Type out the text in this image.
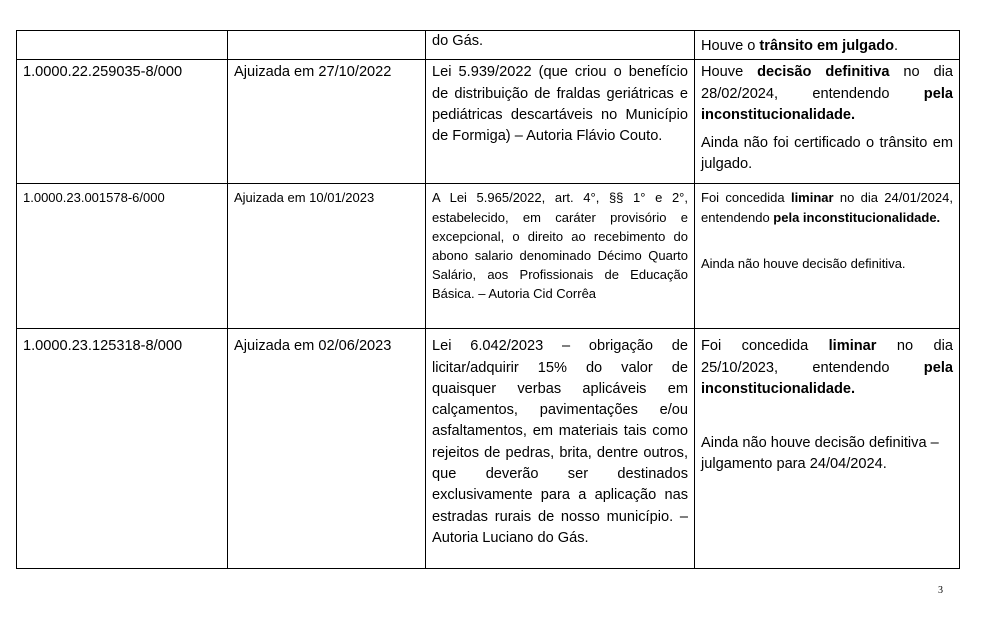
		do Gás.	Houve o trânsito em julgado.

1.0000.22.259035-8/000	Ajuizada em 27/10/2022	Lei 5.939/2022 (que criou o benefício de distribuição de fraldas geriátricas e pediátricas descartáveis no Município de Formiga) – Autoria Flávio Couto.	Houve decisão definitiva no dia 28/02/2024, entendendo pela inconstitucionalidade.

Ainda não foi certificado o trânsito em julgado.

1.0000.23.001578-6/000	Ajuizada em 10/01/2023	A Lei 5.965/2022, art. 4°, §§ 1° e 2°, estabelecido, em caráter provisório e excepcional, o direito ao recebimento do abono salario denominado Décimo Quarto Salário, aos Profissionais de Educação Básica. – Autoria Cid Corrêa	Foi concedida liminar no dia 24/01/2024, entendendo pela inconstitucionalidade.

Ainda não houve decisão definitiva.

1.0000.23.125318-8/000	Ajuizada em 02/06/2023	Lei 6.042/2023 – obrigação de licitar/adquirir 15% do valor de quaisquer verbas aplicáveis em calçamentos, pavimentações e/ou asfaltamentos, em materiais tais como rejeitos de pedras, brita, dentre outros, que deverão ser destinados exclusivamente para a aplicação nas estradas rurais de nosso município. – Autoria Luciano do Gás.	Foi concedida liminar no dia 25/10/2023, entendendo pela inconstitucionalidade.

Ainda não houve decisão definitiva – julgamento para 24/04/2024.

3
